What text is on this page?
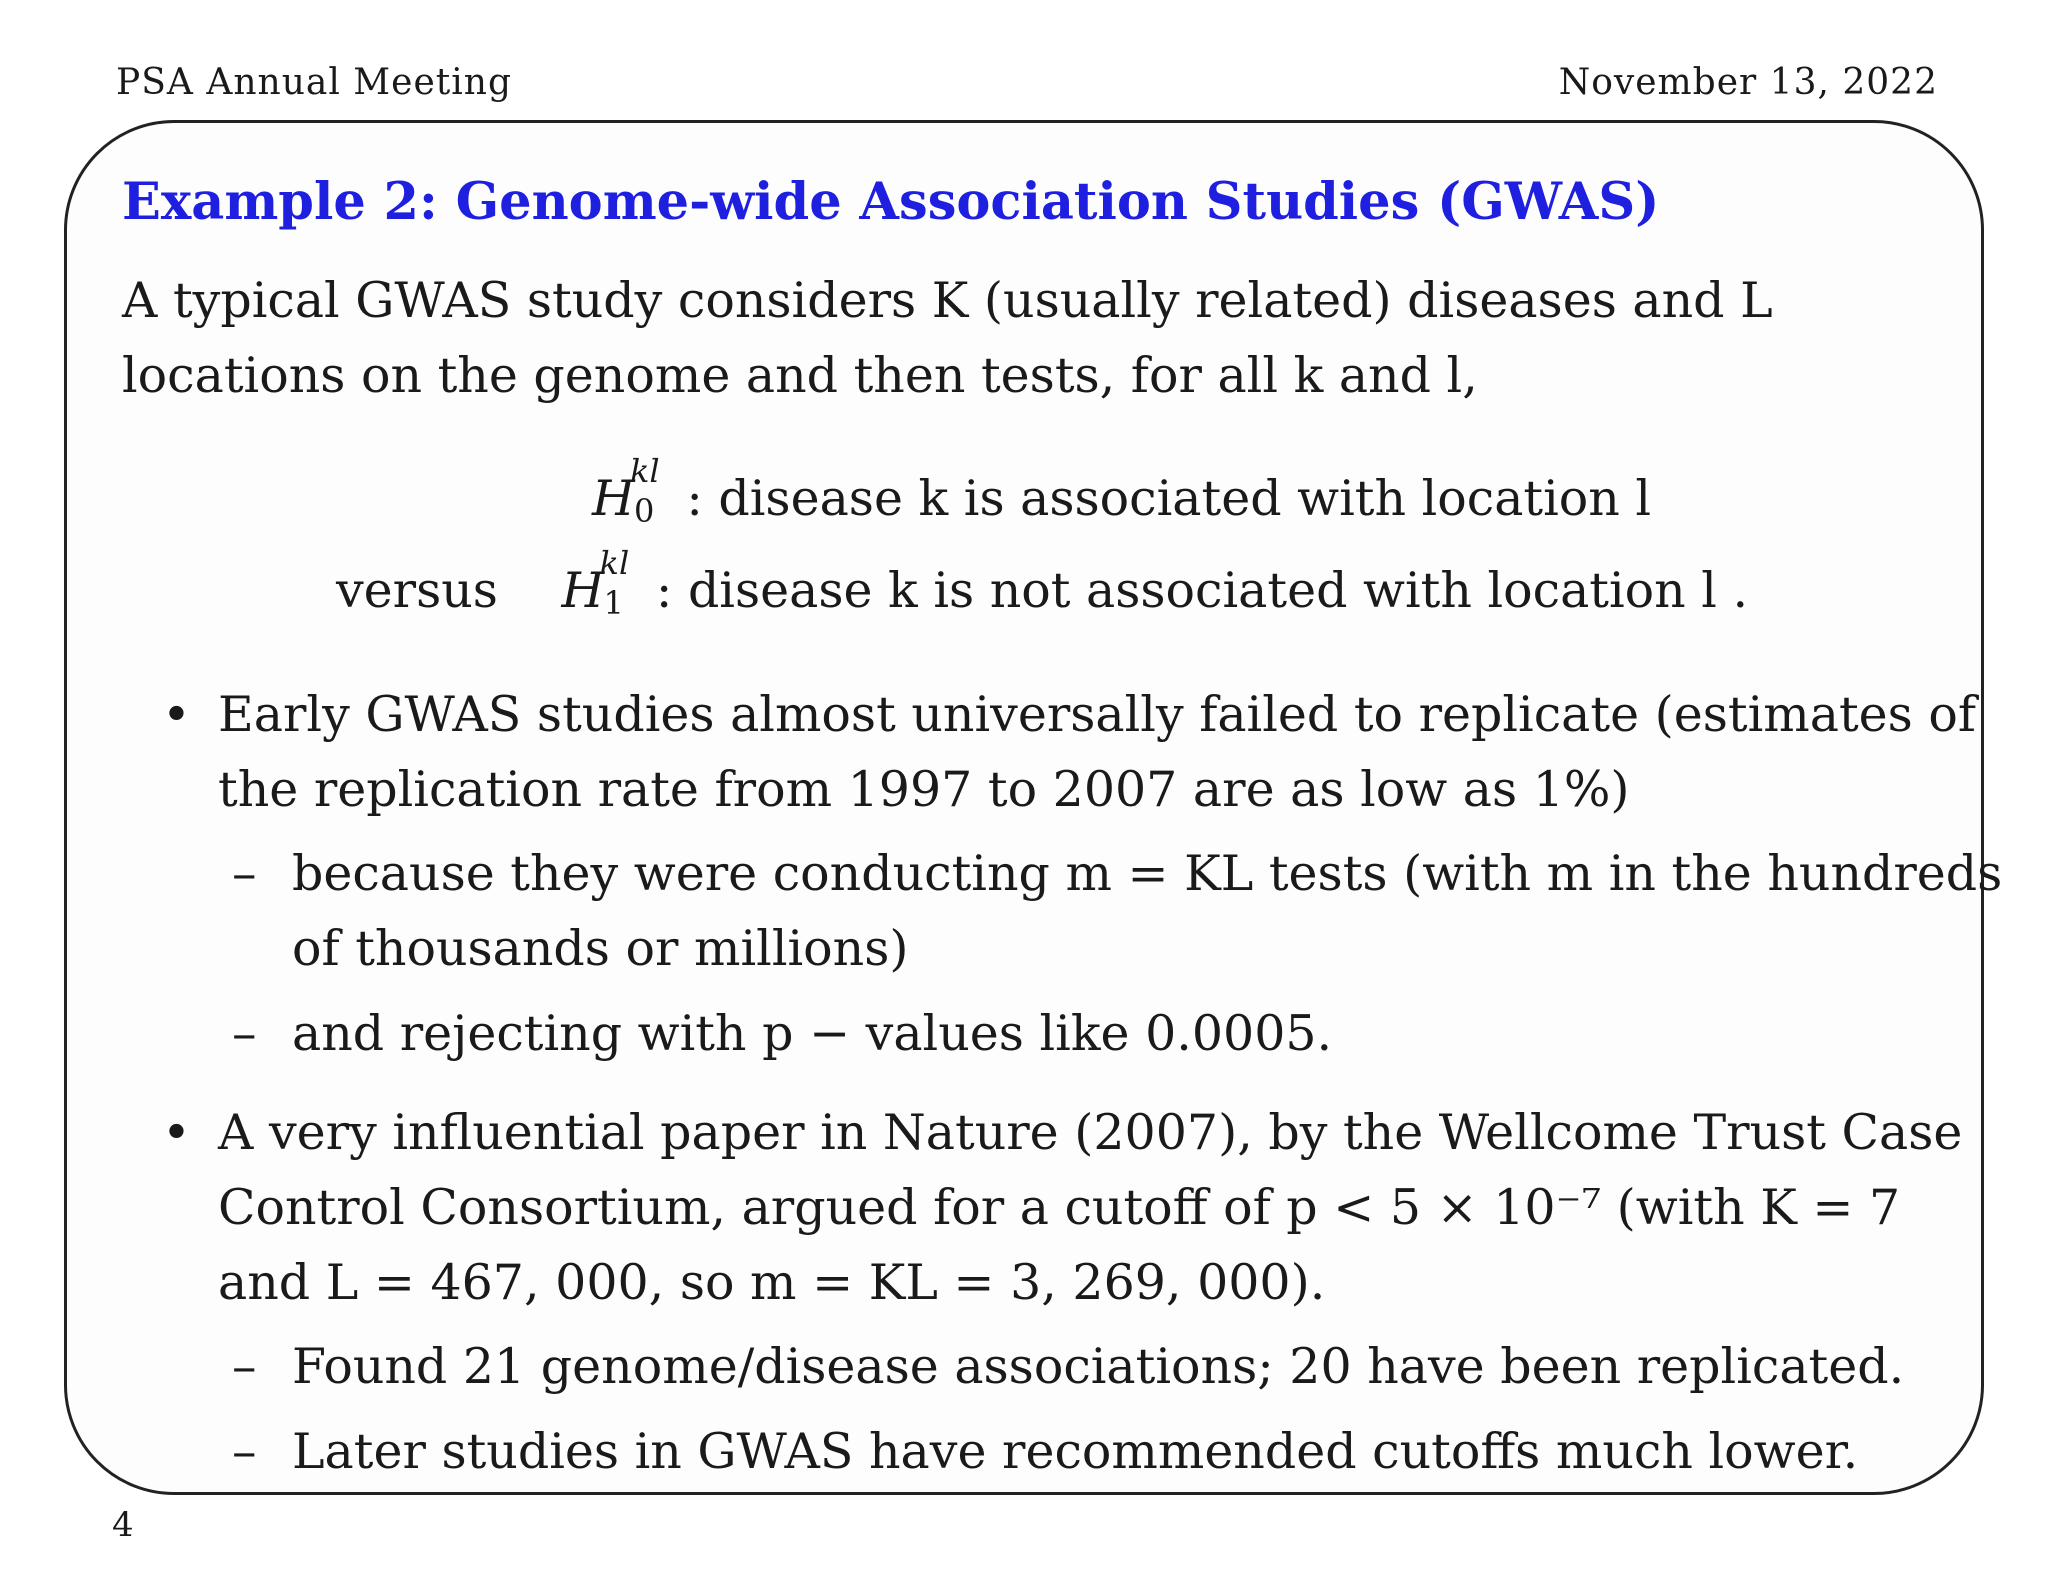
PSA Annual Meeting	November 13, 2022
Example 2: Genome-wide Association Studies (GWAS)
A typical GWAS study considers K (usually related) diseases and L
locations on the genome and then tests, for all k and l,
H
kl
0 : disease k is associated with location l
versus H
kl
1 : disease k is not associated with location l .
• Early GWAS studies almost universally failed to replicate (estimates of
the replication rate from 1997 to 2007 are as low as 1%)
– because they were conducting m = KL tests (with m in the hundreds
of thousands or millions)
– and rejecting with p − values like 0.0005.
• A very influential paper in Nature (2007), by the Wellcome Trust Case
Control Consortium, argued for a cutoff of p < 5 × 10⁻⁷ (with K = 7
and L = 467, 000, so m = KL = 3, 269, 000).
– Found 21 genome/disease associations; 20 have been replicated.
– Later studies in GWAS have recommended cutoffs much lower.
4
